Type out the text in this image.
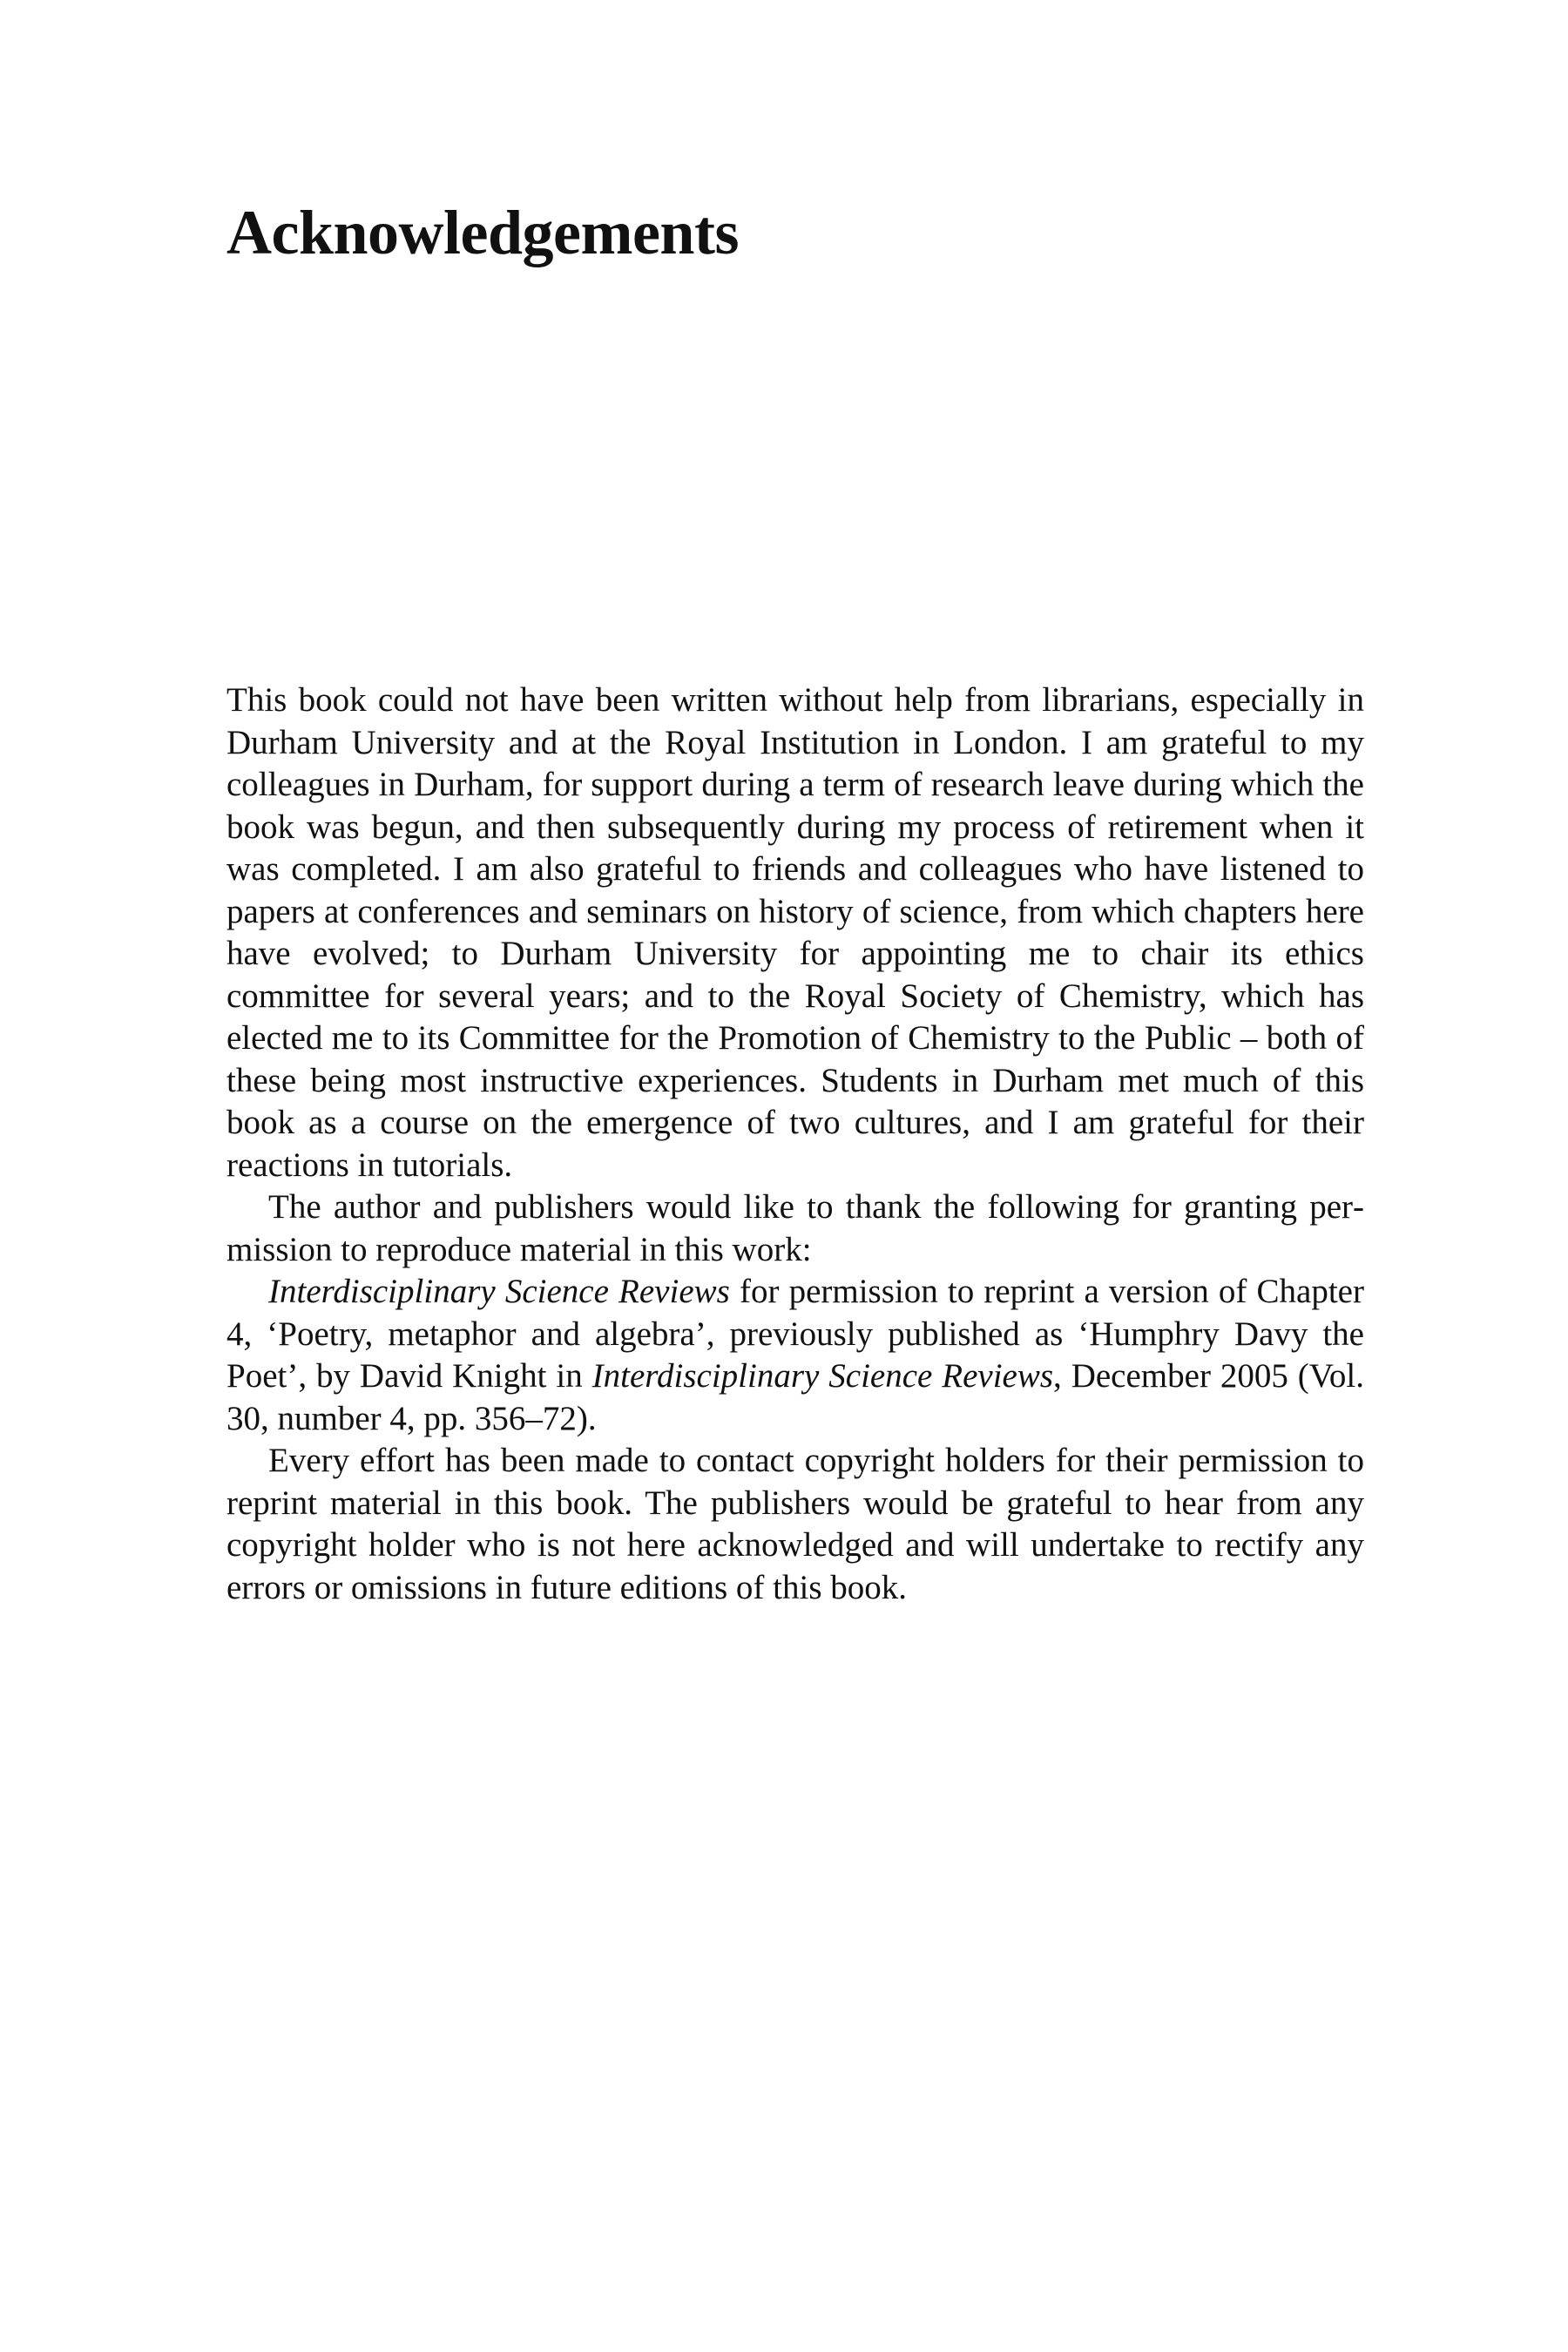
Acknowledgements

This book could not have been written without help from librarians, especially in Durham University and at the Royal Institution in London. I am grateful to my colleagues in Durham, for support during a term of research leave during which the book was begun, and then subsequently during my process of retirement when it was completed. I am also grateful to friends and colleagues who have listened to papers at conferences and seminars on history of science, from which chapters here have evolved; to Durham University for appointing me to chair its ethics committee for several years; and to the Royal Society of Chemistry, which has elected me to its Committee for the Promotion of Chemistry to the Public – both of these being most instructive experiences. Students in Durham met much of this book as a course on the emergence of two cultures, and I am grateful for their reactions in tutorials.

The author and publishers would like to thank the following for granting permission to reproduce material in this work:

Interdisciplinary Science Reviews for permission to reprint a version of Chapter 4, ‘Poetry, metaphor and algebra’, previously published as ‘Humphry Davy the Poet’, by David Knight in Interdisciplinary Science Reviews, December 2005 (Vol. 30, number 4, pp. 356–72).

Every effort has been made to contact copyright holders for their permission to reprint material in this book. The publishers would be grateful to hear from any copyright holder who is not here acknowledged and will undertake to rectify any errors or omissions in future editions of this book.
